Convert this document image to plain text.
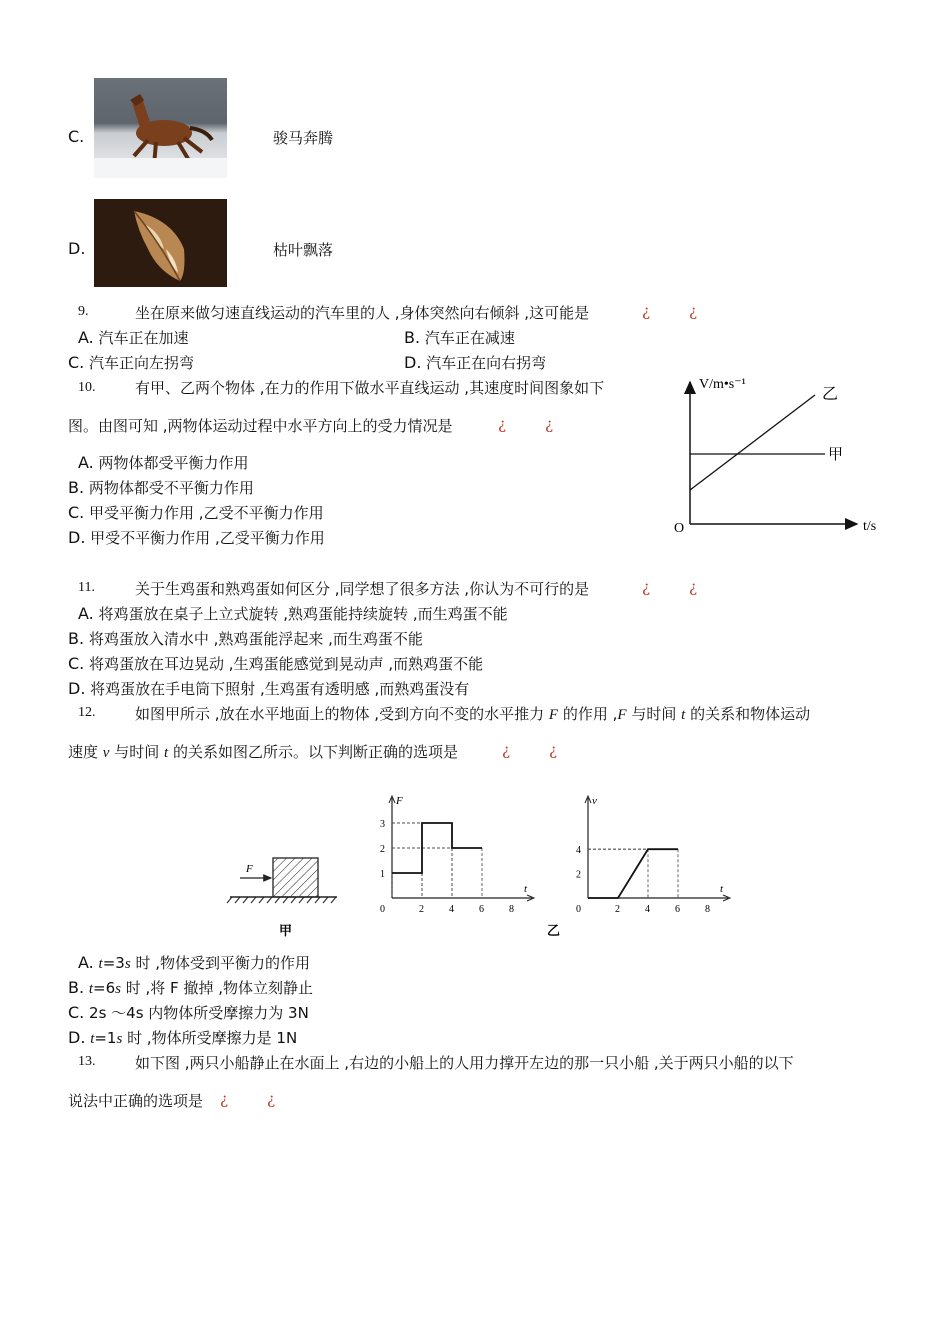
C.	骏马奔腾
D.	枯叶飘落
9.	坐在原来做匀速直线运动的汽车里的人 ,身体突然向右倾斜 ,这可能是	¿	¿
A. 汽车正在加速	B. 汽车正在减速
C. 汽车正向左拐弯	D. 汽车正在向右拐弯
10.	有甲、乙两个物体 ,在力的作用下做水平直线运动 ,其速度时间图象如下
图。由图可知 ,两物体运动过程中水平方向上的受力情况是	¿	¿
A. 两物体都受平衡力作用
B. 两物体都受不平衡力作用
C. 甲受平衡力作用 ,乙受不平衡力作用
D. 甲受不平衡力作用 ,乙受平衡力作用
V/m•s⁻¹
t/s
O
乙
甲
11.	关于生鸡蛋和熟鸡蛋如何区分 ,同学想了很多方法 ,你认为不可行的是	¿	¿
A. 将鸡蛋放在桌子上立式旋转 ,熟鸡蛋能持续旋转 ,而生鸡蛋不能
B. 将鸡蛋放入清水中 ,熟鸡蛋能浮起来 ,而生鸡蛋不能
C. 将鸡蛋放在耳边晃动 ,生鸡蛋能感觉到晃动声 ,而熟鸡蛋不能
D. 将鸡蛋放在手电筒下照射 ,生鸡蛋有透明感 ,而熟鸡蛋没有
12.	如图甲所示 ,放在水平地面上的物体 ,受到方向不变的水平推力 F 的作用 ,F 与时间 t 的关系和物体运动
速度 v 与时间 t 的关系如图乙所示。以下判断正确的选项是	¿	¿
F
甲
F
t
0	2	4	6	8
1
2
3
v
t
0	2	4	6	8
2
4
乙
A. t=3s 时 ,物体受到平衡力的作用
B. t=6s 时 ,将 F 撤掉 ,物体立刻静止
C. 2s ～4s 内物体所受摩擦力为 3N
D. t=1s 时 ,物体所受摩擦力是 1N
13.	如下图 ,两只小船静止在水面上 ,右边的小船上的人用力撑开左边的那一只小船 ,关于两只小船的以下
说法中正确的选项是 ¿	¿
